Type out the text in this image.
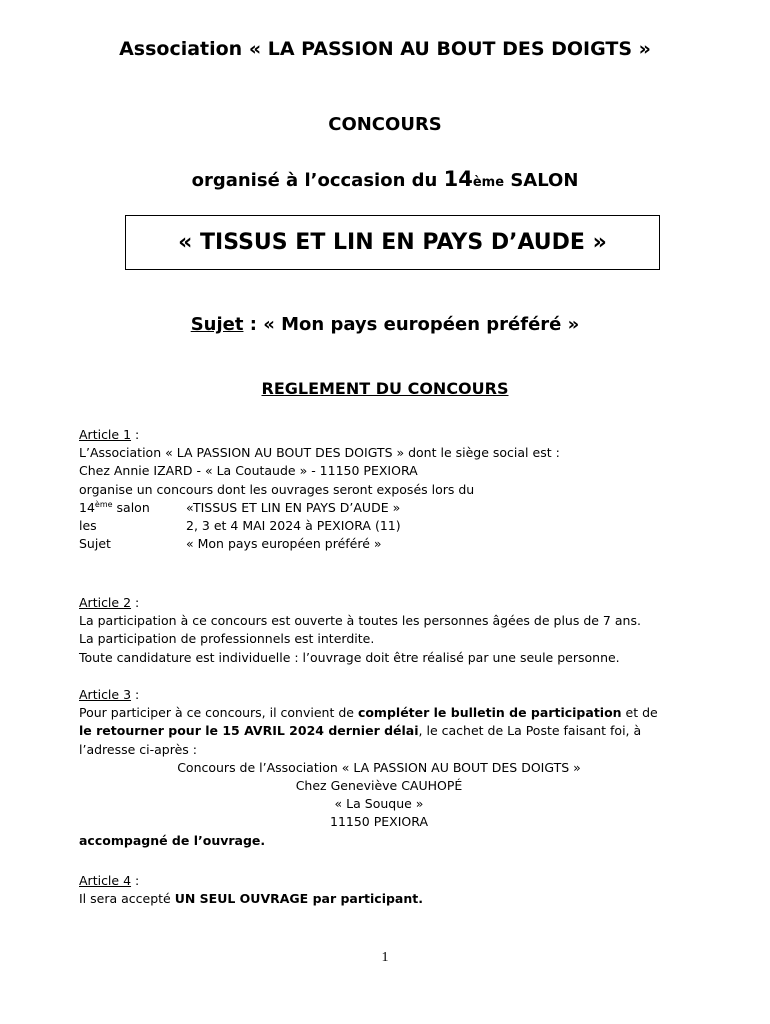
Association « LA PASSION AU BOUT DES DOIGTS »
CONCOURS
organisé à l’occasion du 14ème SALON
« TISSUS ET LIN EN PAYS D’AUDE »
Sujet : « Mon pays européen préféré »
REGLEMENT DU CONCOURS
Article 1 :
L’Association « LA PASSION AU BOUT DES DOIGTS » dont le siège social est :
Chez Annie IZARD - « La Coutaude » - 11150 PEXIORA
organise un concours dont les ouvrages seront exposés lors du
14ème salon	«TISSUS ET LIN EN PAYS D’AUDE »
les	2, 3 et 4 MAI 2024 à PEXIORA (11)
Sujet	« Mon pays européen préféré »
Article 2 :
La participation à ce concours est ouverte à toutes les personnes âgées de plus de 7 ans.
La participation de professionnels est interdite.
Toute candidature est individuelle : l’ouvrage doit être réalisé par une seule personne.
Article 3 :
Pour participer à ce concours, il convient de compléter le bulletin de participation et de
le retourner pour le 15 AVRIL 2024 dernier délai, le cachet de La Poste faisant foi, à
l’adresse ci-après :
Concours de l’Association « LA PASSION AU BOUT DES DOIGTS »
Chez Geneviève CAUHOPÉ
« La Souque »
11150 PEXIORA
accompagné de l’ouvrage.
Article 4 :
Il sera accepté UN SEUL OUVRAGE par participant.
1
